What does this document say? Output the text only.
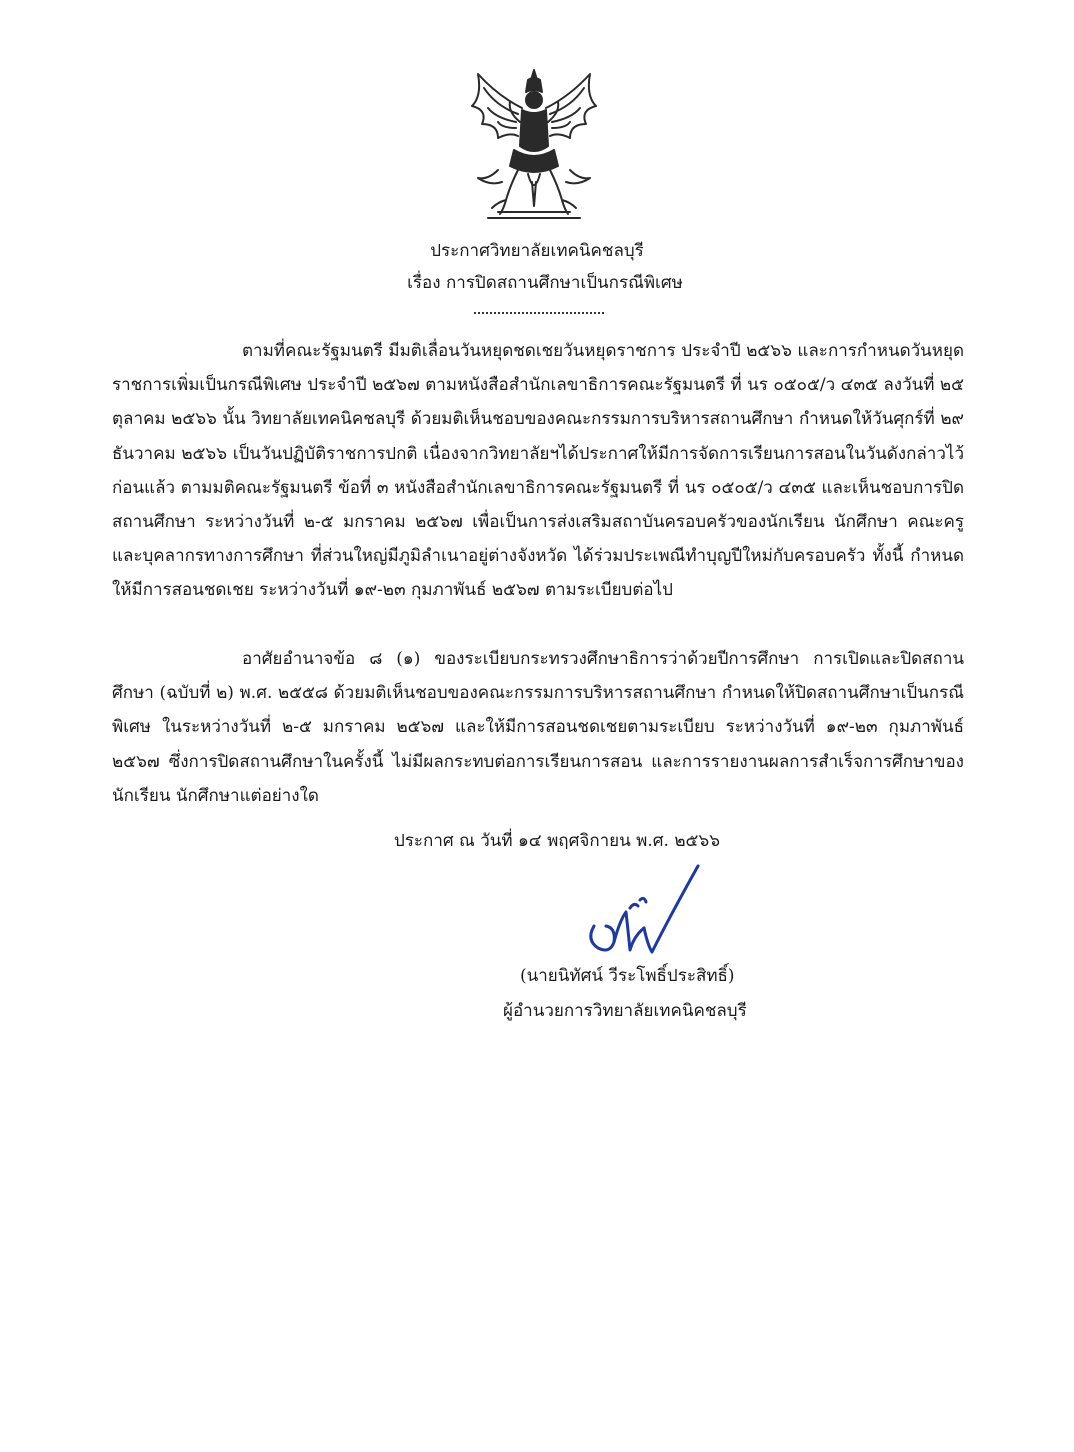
ประกาศวิทยาลัยเทคนิคชลบุรี
เรื่อง การปิดสถานศึกษาเป็นกรณีพิเศษ

ตามที่คณะรัฐมนตรี มีมติเลื่อนวันหยุดชดเชยวันหยุดราชการ ประจำปี ๒๕๖๖ และการกำหนดวันหยุดราชการเพิ่มเป็นกรณีพิเศษ ประจำปี ๒๕๖๗ ตามหนังสือสำนักเลขาธิการคณะรัฐมนตรี ที่ นร ๐๕๐๕/ว ๔๓๕ ลงวันที่ ๒๕ ตุลาคม ๒๕๖๖ นั้น วิทยาลัยเทคนิคชลบุรี ด้วยมติเห็นชอบของคณะกรรมการบริหารสถานศึกษา กำหนดให้วันศุกร์ที่ ๒๙ ธันวาคม ๒๕๖๖ เป็นวันปฏิบัติราชการปกติ เนื่องจากวิทยาลัยฯได้ประกาศให้มีการจัดการเรียนการสอนในวันดังกล่าวไว้ก่อนแล้ว ตามมติคณะรัฐมนตรี ข้อที่ ๓ หนังสือสำนักเลขาธิการคณะรัฐมนตรี ที่ นร ๐๕๐๕/ว ๔๓๕ และเห็นชอบการปิดสถานศึกษา ระหว่างวันที่ ๒-๕ มกราคม ๒๕๖๗ เพื่อเป็นการส่งเสริมสถาบันครอบครัวของนักเรียน นักศึกษา คณะครูและบุคลากรทางการศึกษา ที่ส่วนใหญ่มีภูมิลำเนาอยู่ต่างจังหวัด ได้ร่วมประเพณีทำบุญปีใหม่กับครอบครัว ทั้งนี้ กำหนดให้มีการสอนชดเชย ระหว่างวันที่ ๑๙-๒๓ กุมภาพันธ์ ๒๕๖๗ ตามระเบียบต่อไป

อาศัยอำนาจข้อ ๘ (๑) ของระเบียบกระทรวงศึกษาธิการว่าด้วยปีการศึกษา การเปิดและปิดสถานศึกษา (ฉบับที่ ๒) พ.ศ. ๒๕๕๘ ด้วยมติเห็นชอบของคณะกรรมการบริหารสถานศึกษา กำหนดให้ปิดสถานศึกษาเป็นกรณีพิเศษ ในระหว่างวันที่ ๒-๕ มกราคม ๒๕๖๗ และให้มีการสอนชดเชยตามระเบียบ ระหว่างวันที่ ๑๙-๒๓ กุมภาพันธ์ ๒๕๖๗ ซึ่งการปิดสถานศึกษาในครั้งนี้ ไม่มีผลกระทบต่อการเรียนการสอน และการรายงานผลการสำเร็จการศึกษาของนักเรียน นักศึกษาแต่อย่างใด

ประกาศ ณ วันที่ ๑๔ พฤศจิกายน พ.ศ. ๒๕๖๖
(นายนิทัศน์ วีระโพธิ์ประสิทธิ์)
ผู้อำนวยการวิทยาลัยเทคนิคชลบุรี
